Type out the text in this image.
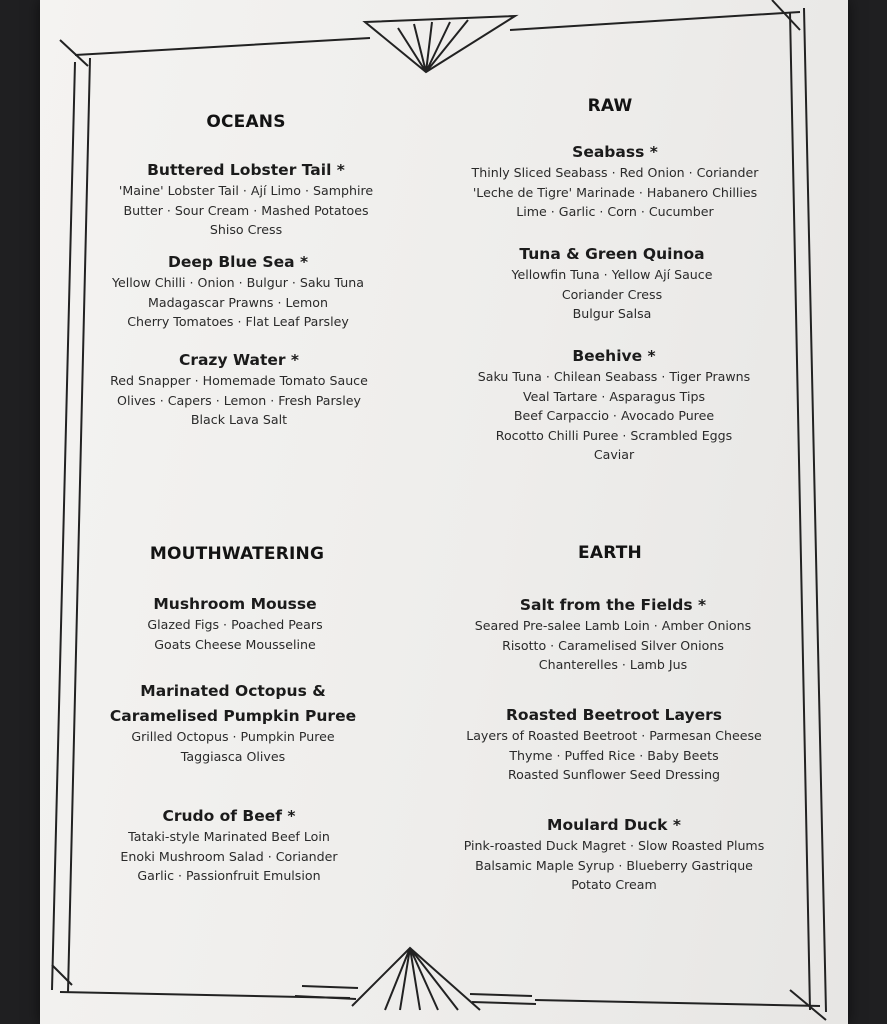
OCEANS
RAW
MOUTHWATERING	EARTH
Buttered Lobster Tail *
'Maine' Lobster Tail · Ají Limo · Samphire
Butter · Sour Cream · Mashed Potatoes
Shiso Cress
Deep Blue Sea *
Yellow Chilli · Onion · Bulgur · Saku Tuna
Madagascar Prawns · Lemon
Cherry Tomatoes · Flat Leaf Parsley
Crazy Water *
Red Snapper · Homemade Tomato Sauce
Olives · Capers · Lemon · Fresh Parsley
Black Lava Salt
Seabass *
Thinly Sliced Seabass · Red Onion · Coriander
'Leche de Tigre' Marinade · Habanero Chillies
Lime · Garlic · Corn · Cucumber
Tuna & Green Quinoa
Yellowfin Tuna · Yellow Ají Sauce
Coriander Cress
Bulgur Salsa
Beehive *
Saku Tuna · Chilean Seabass · Tiger Prawns
Veal Tartare · Asparagus Tips
Beef Carpaccio · Avocado Puree
Rocotto Chilli Puree · Scrambled Eggs
Caviar
Mushroom Mousse
Glazed Figs · Poached Pears
Goats Cheese Mousseline
Marinated Octopus &
Caramelised Pumpkin Puree
Grilled Octopus · Pumpkin Puree
Taggiasca Olives
Crudo of Beef *
Tataki-style Marinated Beef Loin
Enoki Mushroom Salad · Coriander
Garlic · Passionfruit Emulsion
Salt from the Fields *
Seared Pre-salee Lamb Loin · Amber Onions
Risotto · Caramelised Silver Onions
Chanterelles · Lamb Jus
Roasted Beetroot Layers
Layers of Roasted Beetroot · Parmesan Cheese
Thyme · Puffed Rice · Baby Beets
Roasted Sunflower Seed Dressing
Moulard Duck *
Pink-roasted Duck Magret · Slow Roasted Plums
Balsamic Maple Syrup · Blueberry Gastrique
Potato Cream
